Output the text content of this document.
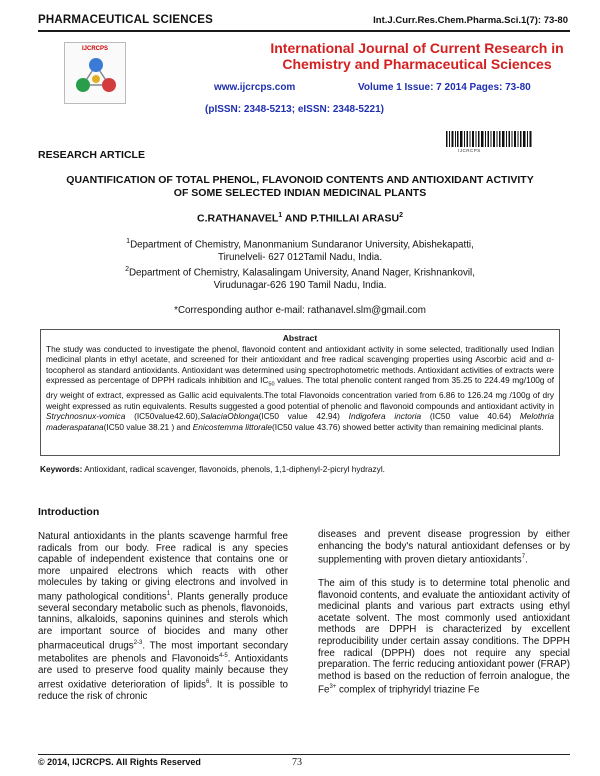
PHARMACEUTICAL SCIENCES	Int.J.Curr.Res.Chem.Pharma.Sci.1(7): 73-80
IJCRCPS	International Journal of Current Research in Chemistry and Pharmaceutical Sciences
www.ijcrcps.com	Volume 1 Issue: 7 2014 Pages: 73-80
(pISSN: 2348-5213; eISSN: 2348-5221)
IJCRCPS
RESEARCH ARTICLE
QUANTIFICATION OF TOTAL PHENOL, FLAVONOID CONTENTS AND ANTIOXIDANT ACTIVITY OF SOME SELECTED INDIAN MEDICINAL PLANTS
C.RATHANAVEL$^1$ AND P.THILLAI ARASU$^2$
$^1$Department of Chemistry, Manonmanium Sundaranor University, Abishekapatti,
Tirunelveli- 627 012Tamil Nadu, India.
$^2$Department of Chemistry, Kalasalingam University, Anand Nager, Krishnankovil,
Virudunagar-626 190 Tamil Nadu, India.
*Corresponding author e-mail: rathanavel.slm@gmail.com
Abstract
The study was conducted to investigate the phenol, flavonoid content and antioxidant activity in some selected, traditionally used Indian medicinal plants in ethyl acetate, and screened for their antioxidant and free radical scavenging properties using Ascorbic acid and α-tocopherol as standard antioxidants. Antioxidant was determined using spectrophotometric methods. Antioxidant activities of extracts were expressed as percentage of DPPH radicals inhibition and $IC_{50}$ values. The total phenolic content ranged from 35.25 to 224.49 mg/100g of dry weight of extract, expressed as Gallic acid equivalents.The total Flavonoids concentration varied from 6.86 to 126.24 mg /100g of dry weight expressed as rutin equivalents. Results suggested a good potential of phenolic and flavonoid compounds and antioxidant activity in Strychnosnux-vomica (IC50value42.60),SalaciaOblonga(IC50 value 42.94) Indigofera inctoria (IC50 value 40.64) Melothria maderaspatana(IC50 value 38.21 ) and Enicostemma littorale(IC50 value 43.76) showed better activity than remaining medicinal plants.
Keywords: Antioxidant, radical scavenger, flavonoids, phenols, 1,1-diphenyl-2-picryl hydrazyl.
Introduction
Natural antioxidants in the plants scavenge harmful free radicals from our body. Free radical is any species capable of independent existence that contains one or more unpaired electrons which reacts with other molecules by taking or giving electrons and involved in many pathological conditions$^1$. Plants generally produce several secondary metabolic such as phenols, flavonoids, tannins, alkaloids, saponins quinines and sterols which are important source of biocides and many other pharmaceutical drugs$^{2-3}$. The most important secondary metabolites are phenols and Flavonoids$^{4-5}$. Antioxidants are used to preserve food quality mainly because they arrest oxidative deterioration of lipids$^6$. It is possible to reduce the risk of chronic
diseases and prevent disease progression by either enhancing the body's natural antioxidant defenses or by supplementing with proven dietary antioxidants$^7$.
The aim of this study is to determine total phenolic and flavonoid contents, and evaluate the antioxidant activity of medicinal plants and various part extracts using ethyl acetate solvent. The most commonly used antioxidant methods are DPPH is characterized by excellent reproducibility under certain assay conditions. The DPPH free radical (DPPH) does not require any special preparation. The ferric reducing antioxidant power (FRAP) method is based on the reduction of ferroin analogue, the $Fe^{3+}$ complex of triphyridyl triazine Fe
© 2014, IJCRCPS. All Rights Reserved	73
